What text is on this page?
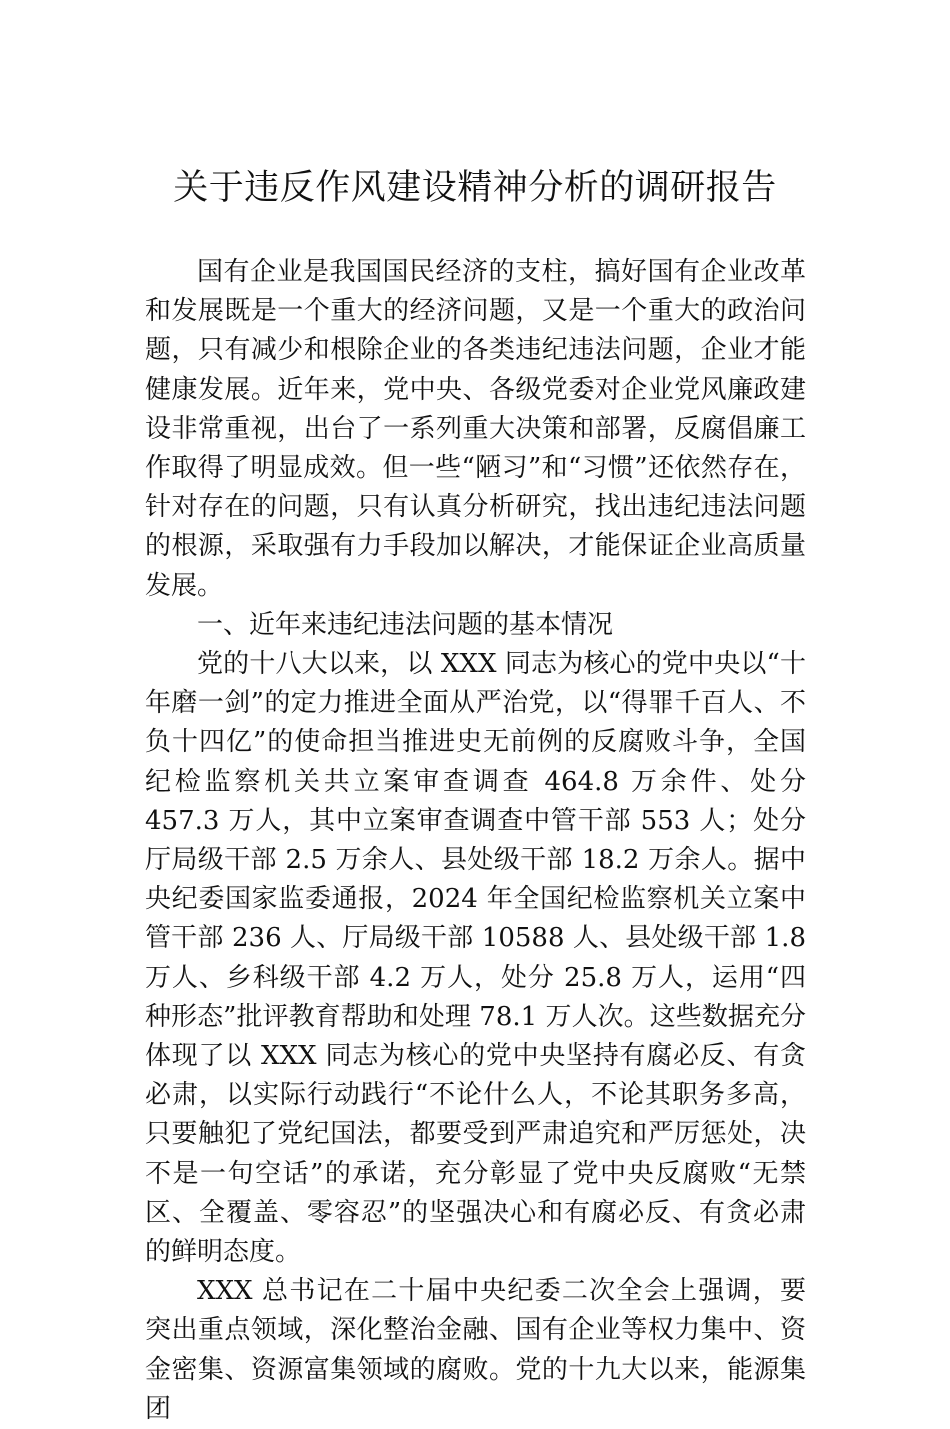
关于违反作风建设精神分析的调研报告

国有企业是我国国民经济的支柱，搞好国有企业改革和发展既是一个重大的经济问题，又是一个重大的政治问题，只有减少和根除企业的各类违纪违法问题，企业才能健康发展。近年来，党中央、各级党委对企业党风廉政建设非常重视，出台了一系列重大决策和部署，反腐倡廉工作取得了明显成效。但一些“陋习”和“习惯”还依然存在，针对存在的问题，只有认真分析研究，找出违纪违法问题的根源，采取强有力手段加以解决，才能保证企业高质量发展。

一、近年来违纪违法问题的基本情况

党的十八大以来，以 XXX 同志为核心的党中央以“十年磨一剑”的定力推进全面从严治党，以“得罪千百人、不负十四亿”的使命担当推进史无前例的反腐败斗争，全国纪检监察机关共立案审查调查 464.8 万余件、处分 457.3 万人，其中立案审查调查中管干部 553 人；处分厅局级干部 2.5 万余人、县处级干部 18.2 万余人。据中央纪委国家监委通报，2024 年全国纪检监察机关立案中管干部 236 人、厅局级干部 10588 人、县处级干部 1.8 万人、乡科级干部 4.2 万人，处分 25.8 万人，运用“四种形态”批评教育帮助和处理 78.1 万人次。这些数据充分体现了以 XXX 同志为核心的党中央坚持有腐必反、有贪必肃，以实际行动践行“不论什么人，不论其职务多高，只要触犯了党纪国法，都要受到严肃追究和严厉惩处，决不是一句空话”的承诺，充分彰显了党中央反腐败“无禁区、全覆盖、零容忍”的坚强决心和有腐必反、有贪必肃的鲜明态度。

XXX 总书记在二十届中央纪委二次全会上强调，要突出重点领域，深化整治金融、国有企业等权力集中、资金密集、资源富集领域的腐败。党的十九大以来，能源集团
